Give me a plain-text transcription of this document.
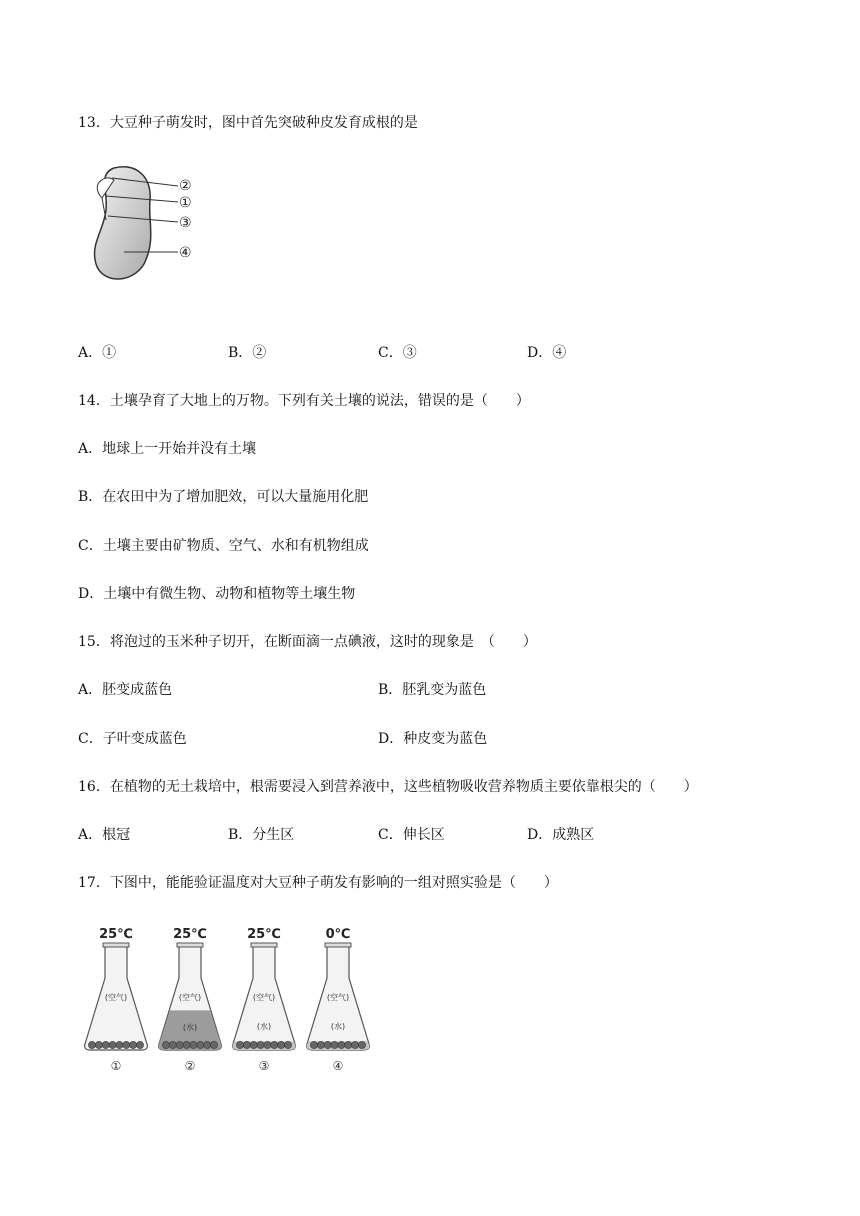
13．大豆种子萌发时，图中首先突破种皮发育成根的是
②
①
③
④
A．①	B．②	C．③	D．④
14．土壤孕育了大地上的万物。下列有关土壤的说法，错误的是（　　）
A．地球上一开始并没有土壤
B．在农田中为了增加肥效，可以大量施用化肥
C．土壤主要由矿物质、空气、水和有机物组成
D．土壤中有微生物、动物和植物等土壤生物
15．将泡过的玉米种子切开，在断面滴一点碘液，这时的现象是　（　　）
A．胚变成蓝色	B．胚乳变为蓝色
C．子叶变成蓝色	D．种皮变为蓝色
16．在植物的无土栽培中，根需要浸入到营养液中，这些植物吸收营养物质主要依靠根尖的（　　）
A．根冠	B．分生区	C．伸长区	D．成熟区
17．下图中，能能验证温度对大豆种子萌发有影响的一组对照实验是（　　）
25℃
(空气)
①
25℃
(空气)
(水)
②
25℃
(空气)
(水)
③
0℃
(空气)
(水)
④
